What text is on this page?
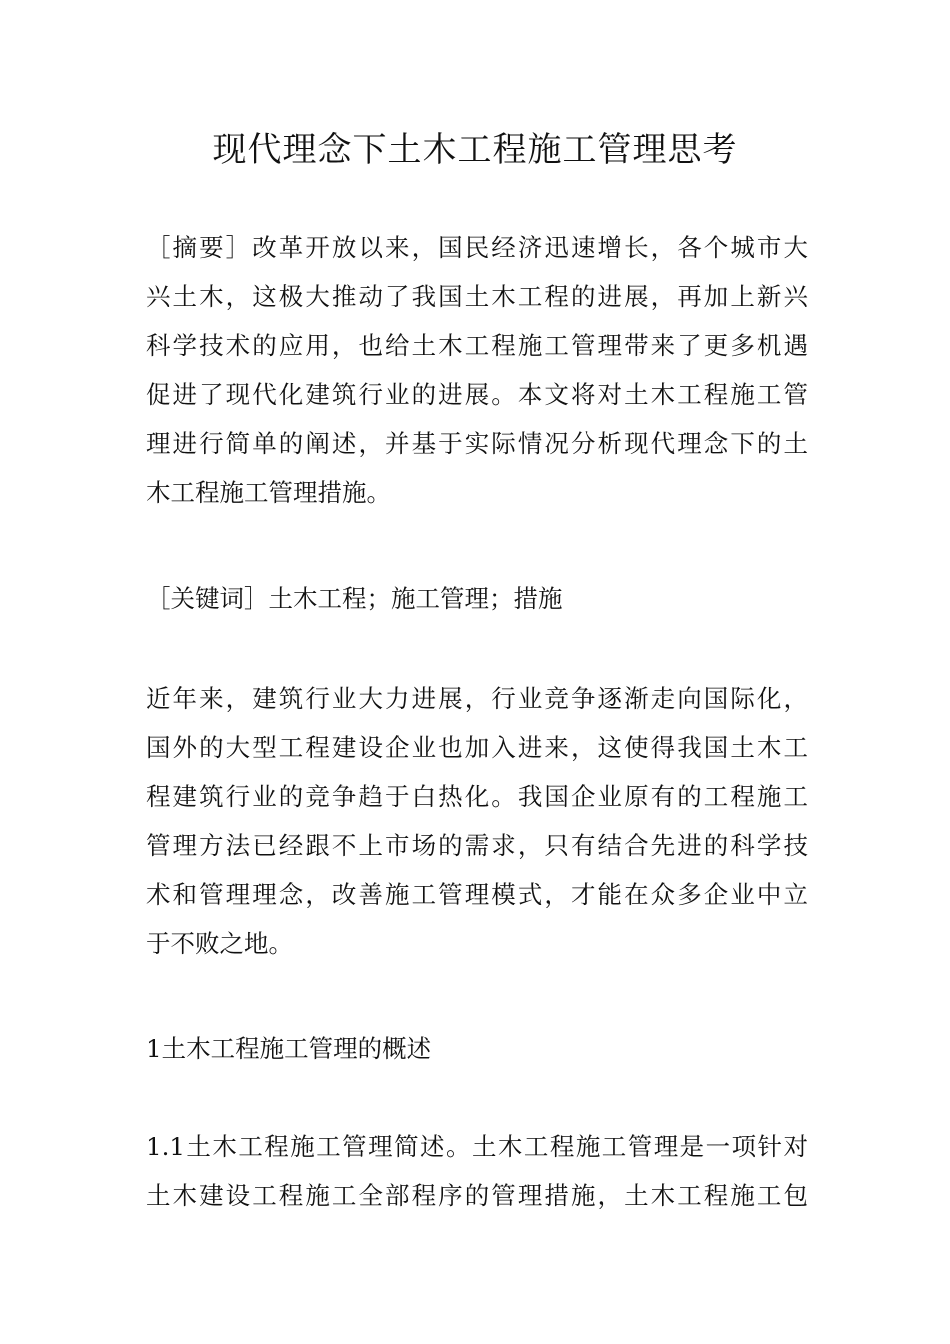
现代理念下土木工程施工管理思考

［摘要］改革开放以来，国民经济迅速增长，各个城市大
兴土木，这极大推动了我国土木工程的进展，再加上新兴
科学技术的应用，也给土木工程施工管理带来了更多机遇
促进了现代化建筑行业的进展。本文将对土木工程施工管
理进行简单的阐述，并基于实际情况分析现代理念下的土
木工程施工管理措施。

［关键词］土木工程；施工管理；措施

近年来，建筑行业大力进展，行业竞争逐渐走向国际化，
国外的大型工程建设企业也加入进来，这使得我国土木工
程建筑行业的竞争趋于白热化。我国企业原有的工程施工
管理方法已经跟不上市场的需求，只有结合先进的科学技
术和管理理念，改善施工管理模式，才能在众多企业中立
于不败之地。

1土木工程施工管理的概述

1.1土木工程施工管理简述。土木工程施工管理是一项针对
土木建设工程施工全部程序的管理措施，土木工程施工包
